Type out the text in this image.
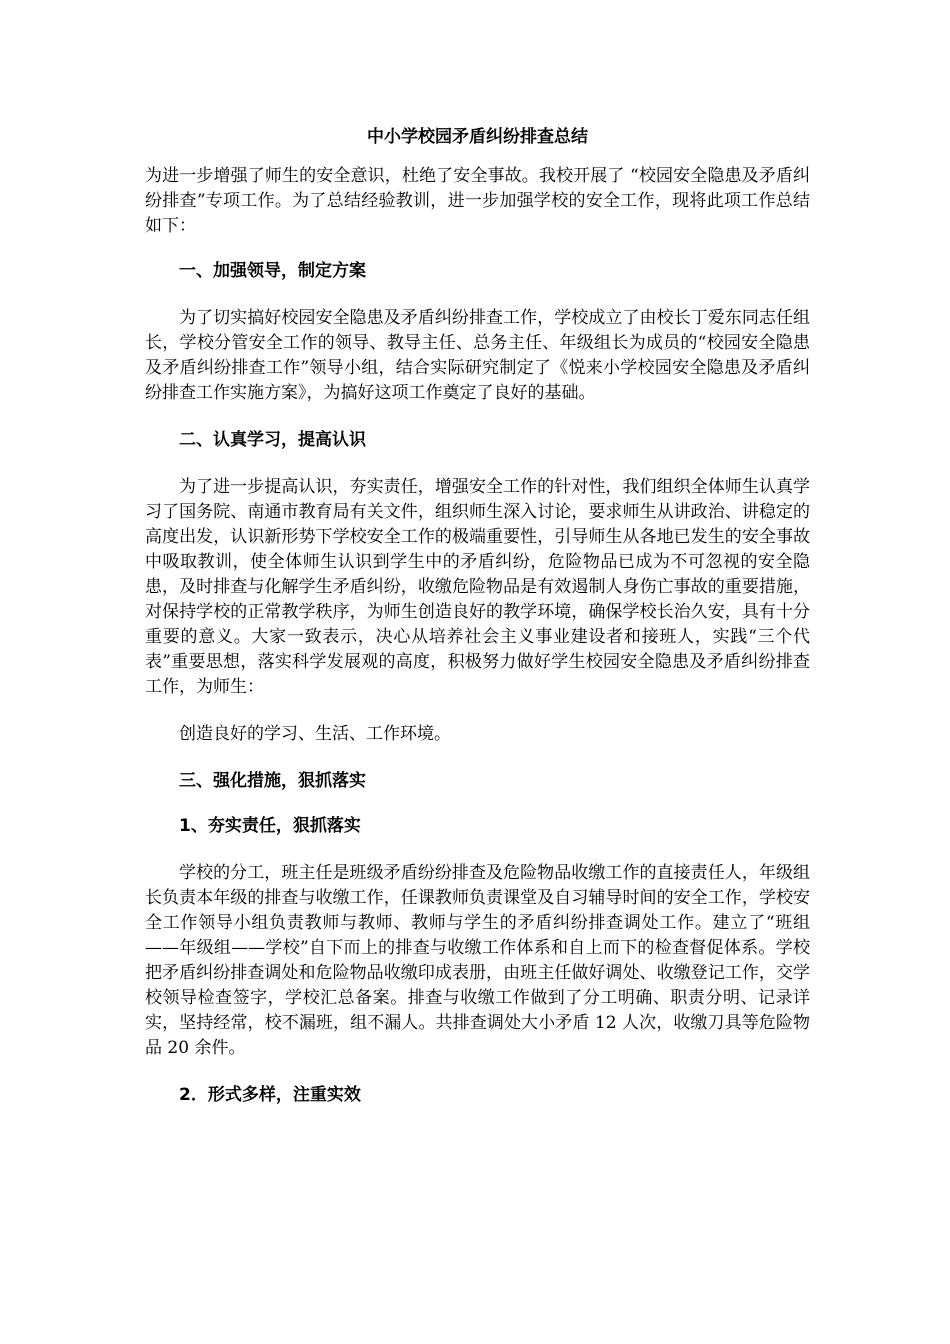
中小学校园矛盾纠纷排查总结

为进一步增强了师生的安全意识，杜绝了安全事故。我校开展了 “校园安全隐患及矛盾纠纷排查”专项工作。为了总结经验教训，进一步加强学校的安全工作，现将此项工作总结如下：

一、加强领导，制定方案

为了切实搞好校园安全隐患及矛盾纠纷排查工作，学校成立了由校长丁爱东同志任组长，学校分管安全工作的领导、教导主任、总务主任、年级组长为成员的“校园安全隐患及矛盾纠纷排查工作”领导小组，结合实际研究制定了《悦来小学校园安全隐患及矛盾纠纷排查工作实施方案》，为搞好这项工作奠定了良好的基础。

二、认真学习，提高认识

为了进一步提高认识，夯实责任，增强安全工作的针对性，我们组织全体师生认真学习了国务院、南通市教育局有关文件，组织师生深入讨论，要求师生从讲政治、讲稳定的高度出发，认识新形势下学校安全工作的极端重要性，引导师生从各地已发生的安全事故中吸取教训，使全体师生认识到学生中的矛盾纠纷，危险物品已成为不可忽视的安全隐患，及时排查与化解学生矛盾纠纷，收缴危险物品是有效遏制人身伤亡事故的重要措施，对保持学校的正常教学秩序，为师生创造良好的教学环境，确保学校长治久安，具有十分重要的意义。大家一致表示，决心从培养社会主义事业建设者和接班人，实践“三个代表”重要思想，落实科学发展观的高度，积极努力做好学生校园安全隐患及矛盾纠纷排查工作，为师生：

创造良好的学习、生活、工作环境。

三、强化措施，狠抓落实

1、夯实责任，狠抓落实

学校的分工，班主任是班级矛盾纷纷排查及危险物品收缴工作的直接责任人，年级组长负责本年级的排查与收缴工作，任课教师负责课堂及自习辅导时间的安全工作，学校安全工作领导小组负责教师与教师、教师与学生的矛盾纠纷排查调处工作。建立了“班组——年级组——学校”自下而上的排查与收缴工作体系和自上而下的检查督促体系。学校把矛盾纠纷排查调处和危险物品收缴印成表册，由班主任做好调处、收缴登记工作，交学校领导检查签字，学校汇总备案。排查与收缴工作做到了分工明确、职责分明、记录详实，坚持经常，校不漏班，组不漏人。共排查调处大小矛盾 12 人次，收缴刀具等危险物品 20 余件。

2．形式多样，注重实效
